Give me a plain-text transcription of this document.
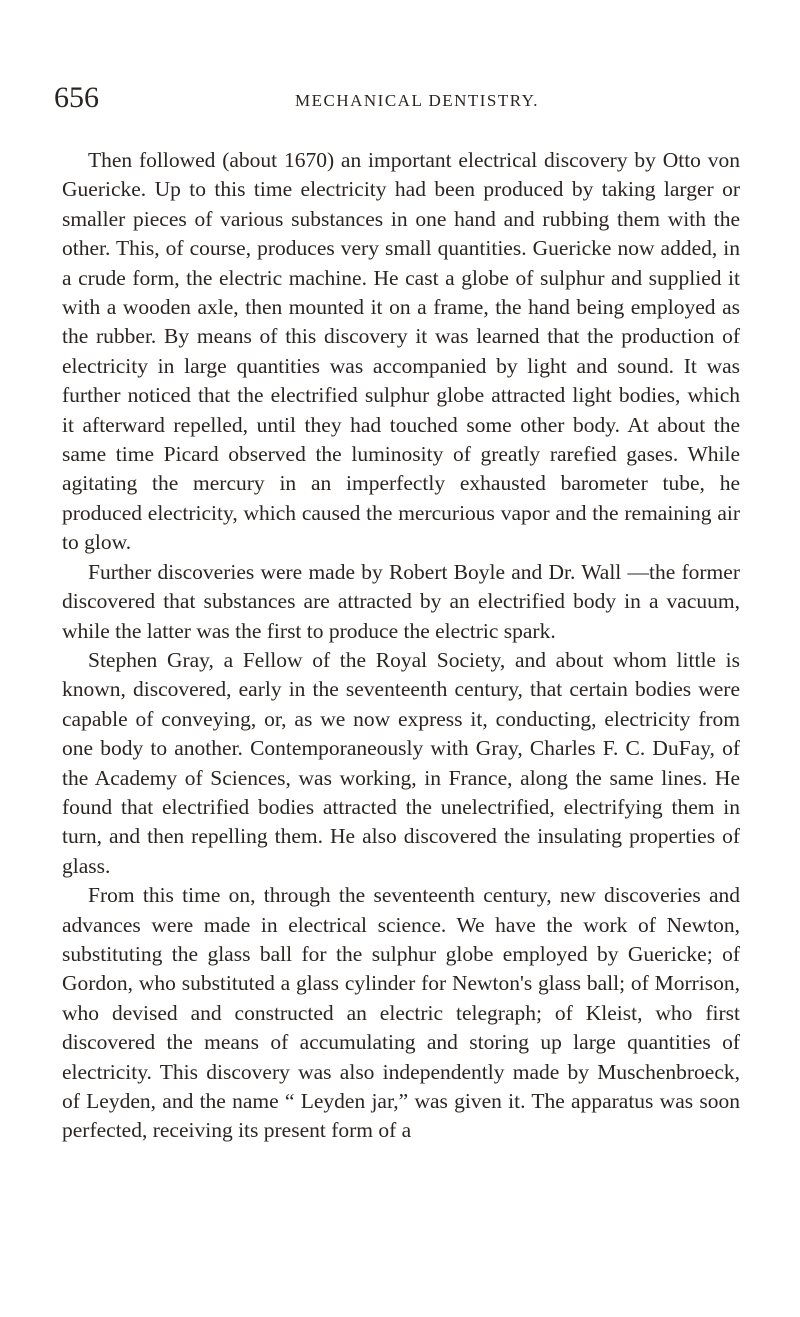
656	MECHANICAL DENTISTRY.

Then followed (about 1670) an important electrical discovery by Otto von Guericke. Up to this time electricity had been produced by taking larger or smaller pieces of various substances in one hand and rubbing them with the other. This, of course, produces very small quantities. Guericke now added, in a crude form, the electric machine. He cast a globe of sulphur and supplied it with a wooden axle, then mounted it on a frame, the hand being employed as the rubber. By means of this discovery it was learned that the production of electricity in large quantities was accompanied by light and sound. It was further noticed that the electrified sulphur globe attracted light bodies, which it afterward repelled, until they had touched some other body. At about the same time Picard observed the luminosity of greatly rarefied gases. While agitating the mercury in an imperfectly exhausted barometer tube, he produced electricity, which caused the mercurious vapor and the remaining air to glow.

Further discoveries were made by Robert Boyle and Dr. Wall —the former discovered that substances are attracted by an electrified body in a vacuum, while the latter was the first to produce the electric spark.

Stephen Gray, a Fellow of the Royal Society, and about whom little is known, discovered, early in the seventeenth century, that certain bodies were capable of conveying, or, as we now express it, conducting, electricity from one body to another. Contemporaneously with Gray, Charles F. C. DuFay, of the Academy of Sciences, was working, in France, along the same lines. He found that electrified bodies attracted the unelectrified, electrifying them in turn, and then repelling them. He also discovered the insulating properties of glass.

From this time on, through the seventeenth century, new discoveries and advances were made in electrical science. We have the work of Newton, substituting the glass ball for the sulphur globe employed by Guericke; of Gordon, who substituted a glass cylinder for Newton's glass ball; of Morrison, who devised and constructed an electric telegraph; of Kleist, who first discovered the means of accumulating and storing up large quantities of electricity. This discovery was also independently made by Muschenbroeck, of Leyden, and the name “ Leyden jar,” was given it. The apparatus was soon perfected, receiving its present form of a
